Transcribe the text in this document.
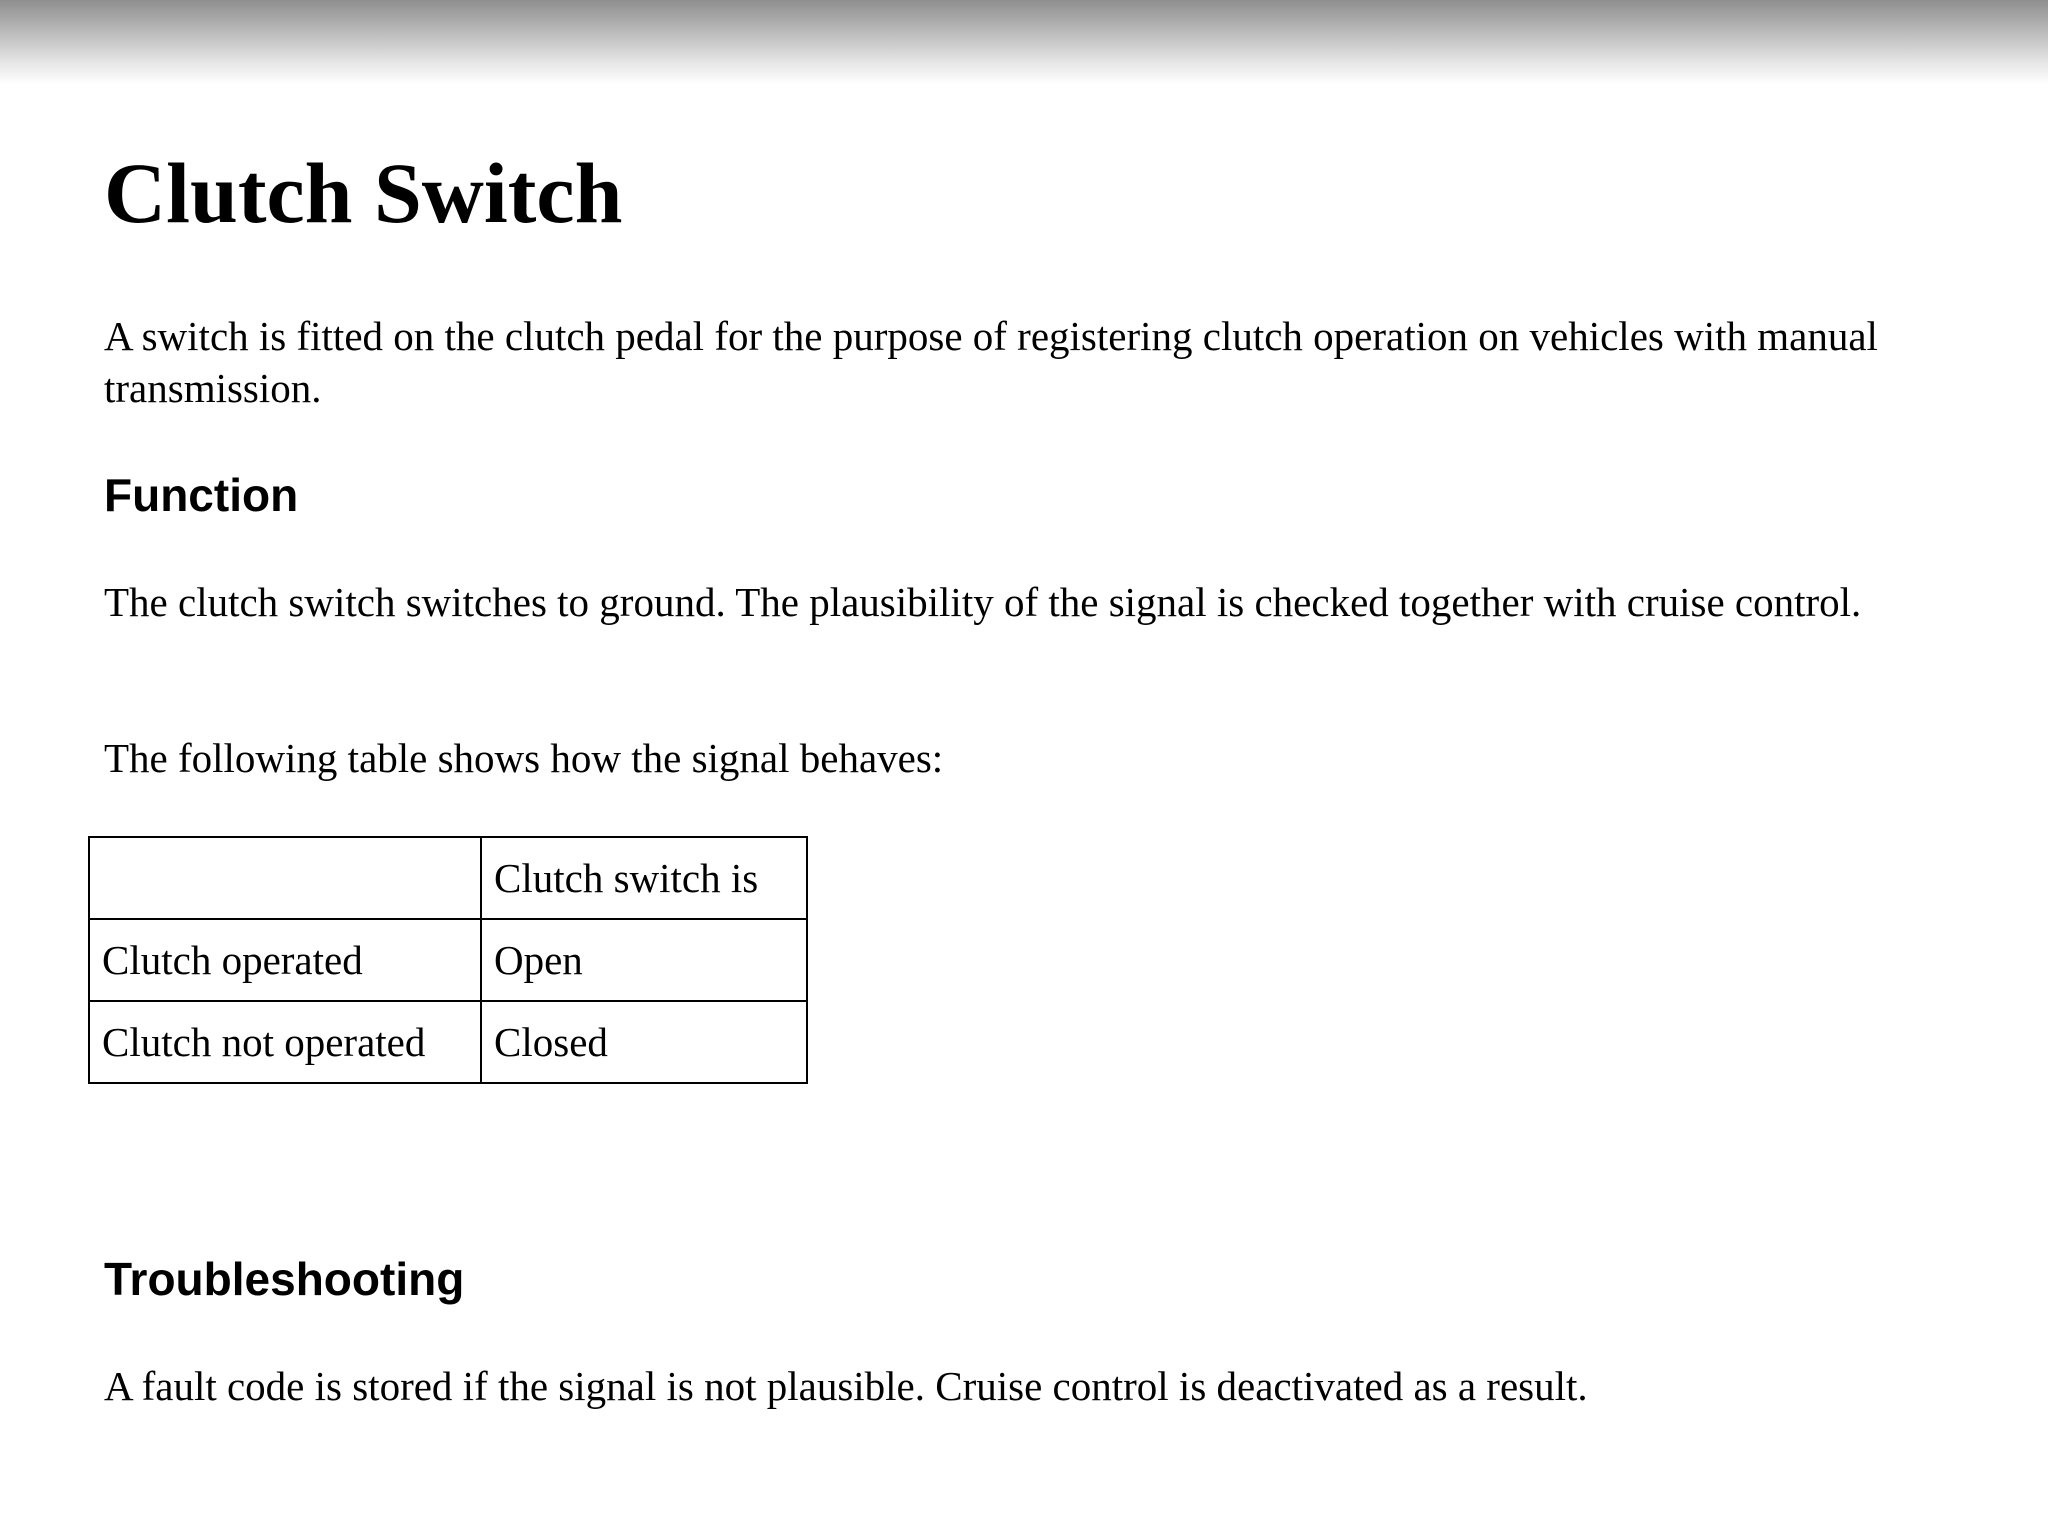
Clutch Switch

A switch is fitted on the clutch pedal for the purpose of registering clutch operation on vehicles with manual transmission.

Function

The clutch switch switches to ground. The plausibility of the signal is checked together with cruise control.

The following table shows how the signal behaves:

	Clutch switch is
Clutch operated	Open
Clutch not operated	Closed
Troubleshooting

A fault code is stored if the signal is not plausible. Cruise control is deactivated as a result.
